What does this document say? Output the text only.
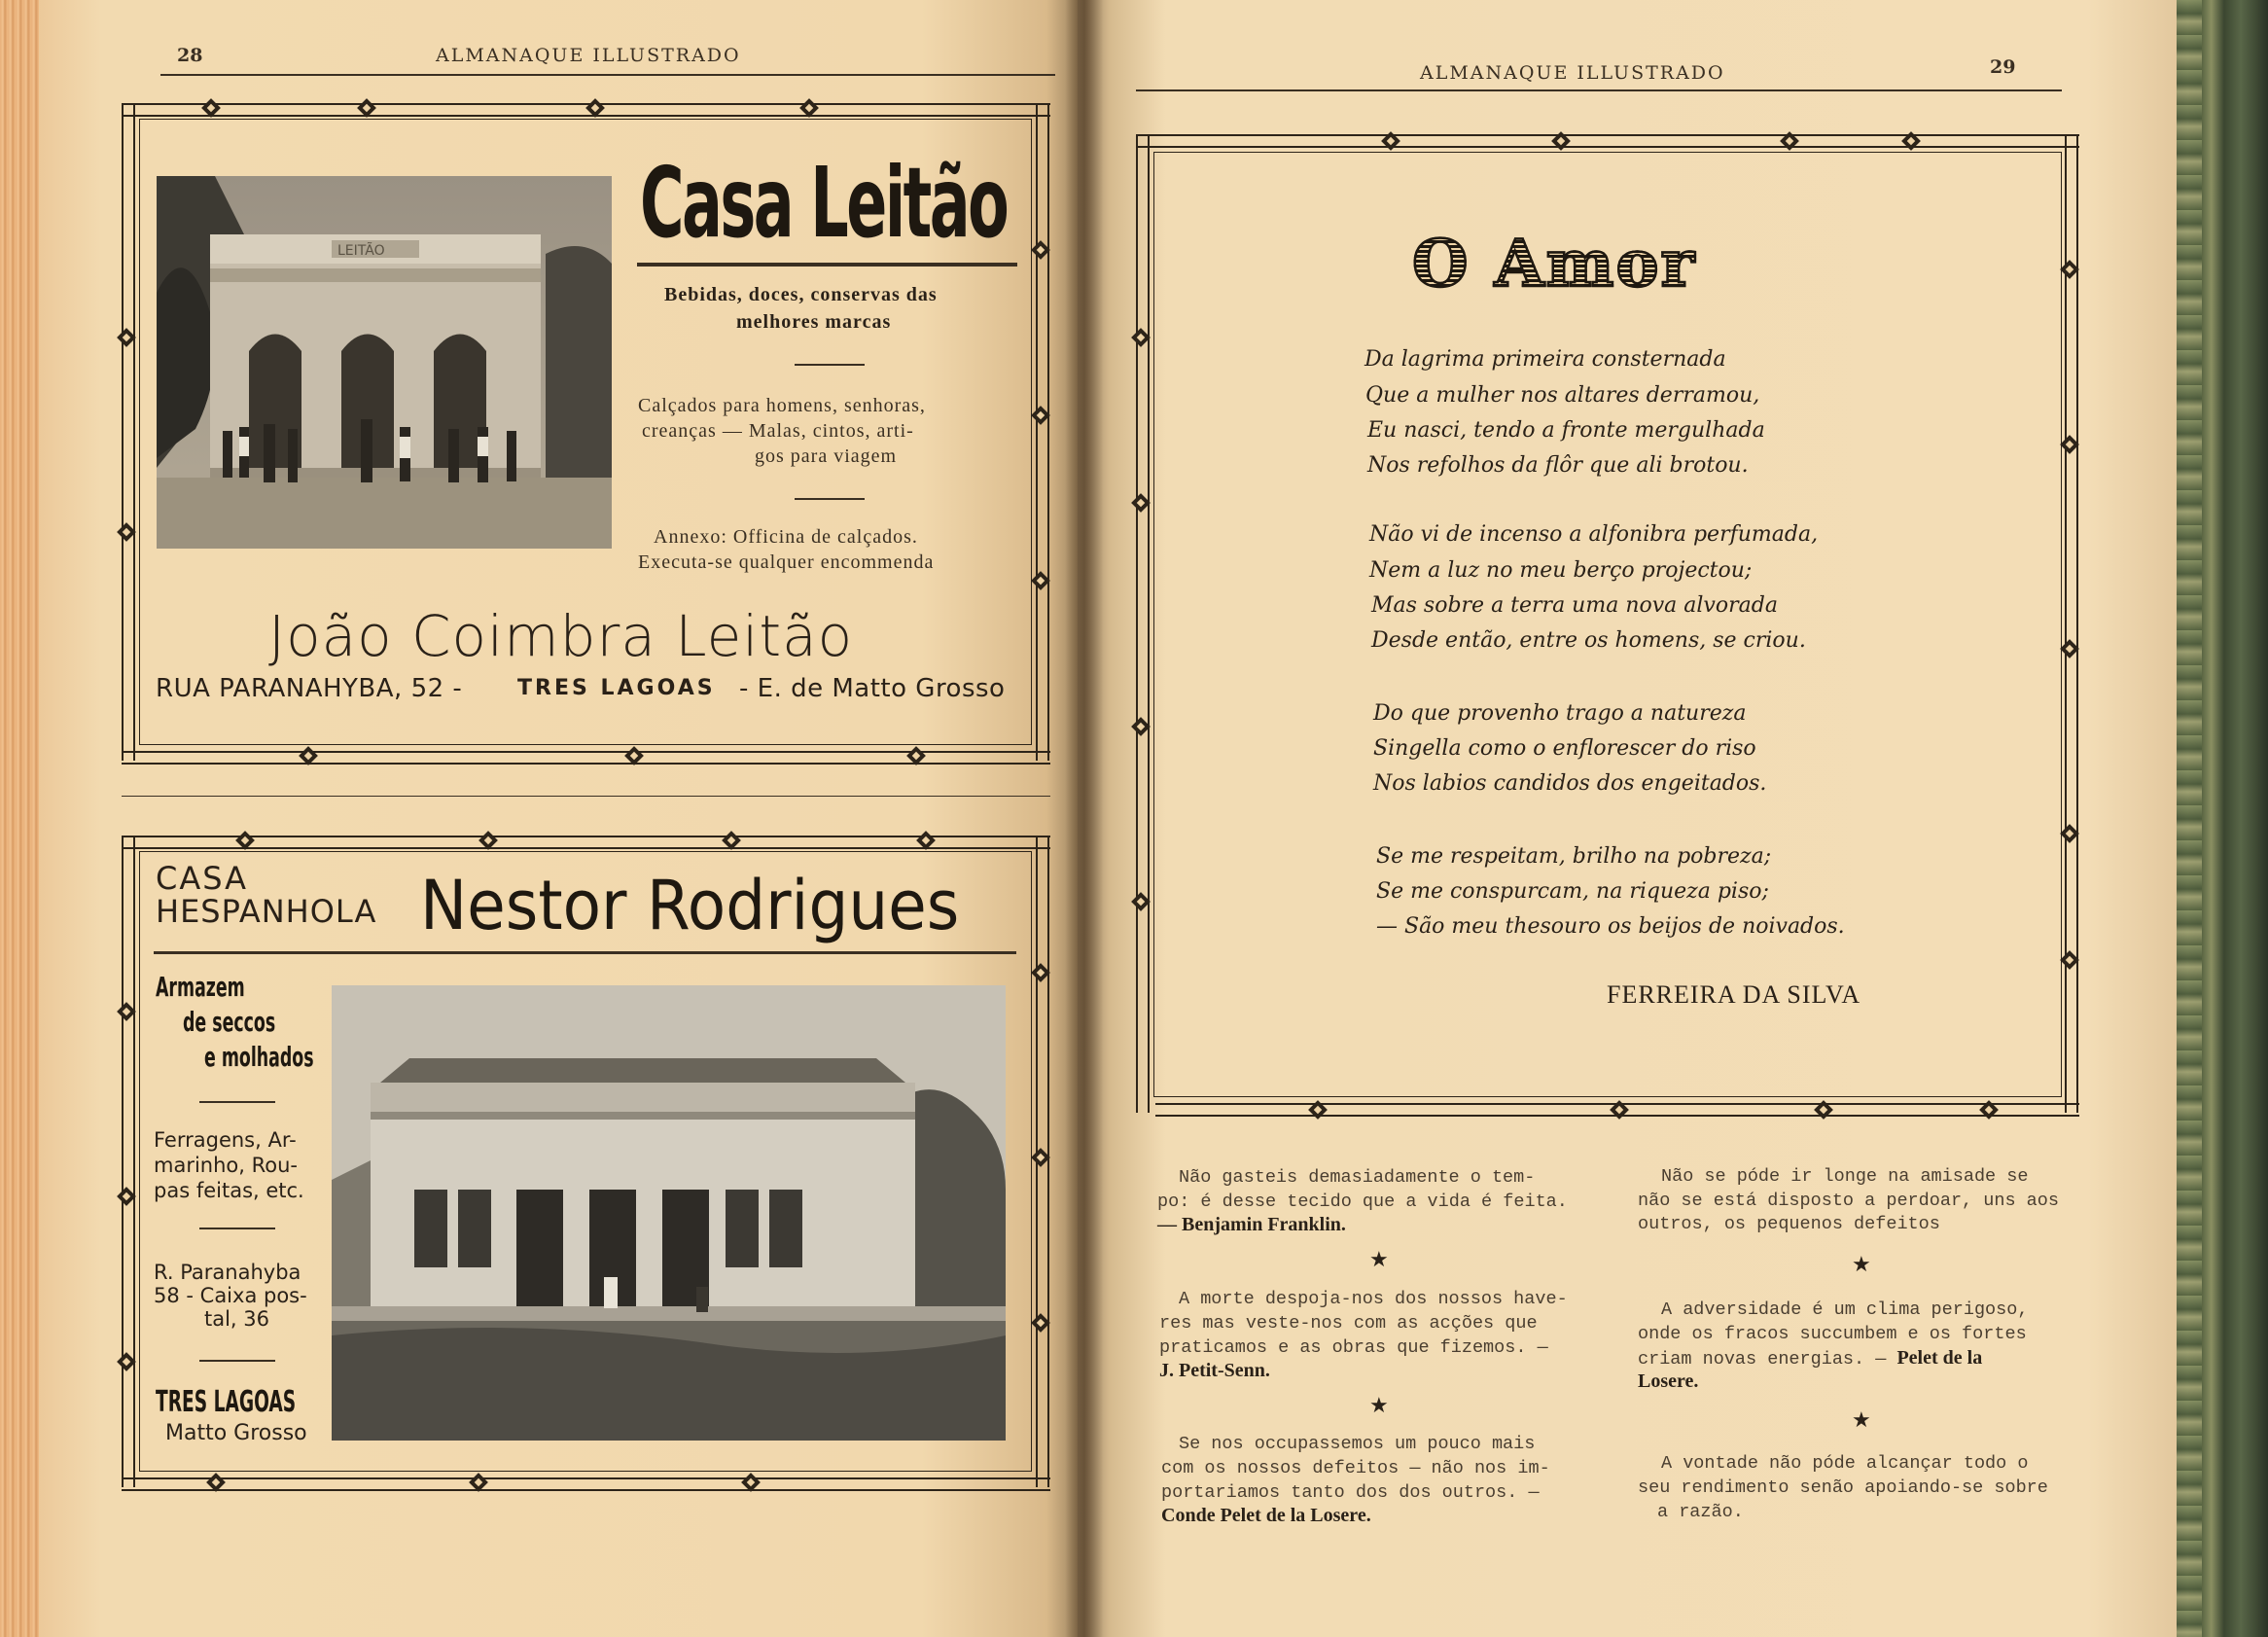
28	ALMANAQUE ILLUSTRADO
LEITÃO	Casa Leitão
Bebidas, doces, conservas das
melhores marcas
Calçados para homens, senhoras,
creanças — Malas, cintos, arti-
gos para viagem
Annexo: Officina de calçados.
Executa-se qualquer encommenda
João Coimbra Leitão
RUA PARANAHYBA, 52 -	TRES LAGOAS - E. de Matto Grosso
CASA
HESPANHOLA Nestor Rodrigues
Armazem
de seccos
e molhados
Ferragens, Ar-
marinho, Rou-
pas feitas, etc.
R. Paranahyba
58 - Caixa pos-
tal, 36
TRES LAGOAS
Matto Grosso
ALMANAQUE ILLUSTRADO	29
O Amor
Da lagrima primeira consternada
Que a mulher nos altares derramou,
Eu nasci, tendo a fronte mergulhada
Nos refolhos da flôr que ali brotou.
Não vi de incenso a alfonibra perfumada,
Nem a luz no meu berço projectou;
Mas sobre a terra uma nova alvorada
Desde então, entre os homens, se criou.
Do que provenho trago a natureza
Singella como o enflorescer do riso
Nos labios candidos dos engeitados.
Se me respeitam, brilho na pobreza;
Se me conspurcam, na riqueza piso;
— São meu thesouro os beijos de noivados.
FERREIRA DA SILVA
Não gasteis demasiadamente o tem-
po: é desse tecido que a vida é feita.
— Benjamin Franklin.
★
A morte despoja-nos dos nossos have-
res mas veste-nos com as acções que
praticamos e as obras que fizemos. —
J. Petit-Senn.
★
Se nos occupassemos um pouco mais
com os nossos defeitos — não nos im-
portariamos tanto dos dos outros. —
Conde Pelet de la Losere.
Não se póde ir longe na amisade se
não se está disposto a perdoar, uns aos
outros, os pequenos defeitos
★
A adversidade é um clima perigoso,
onde os fracos succumbem e os fortes
criam novas energias. — Pelet de la
Losere.
★
A vontade não póde alcançar todo o
seu rendimento senão apoiando-se sobre
a razão.
